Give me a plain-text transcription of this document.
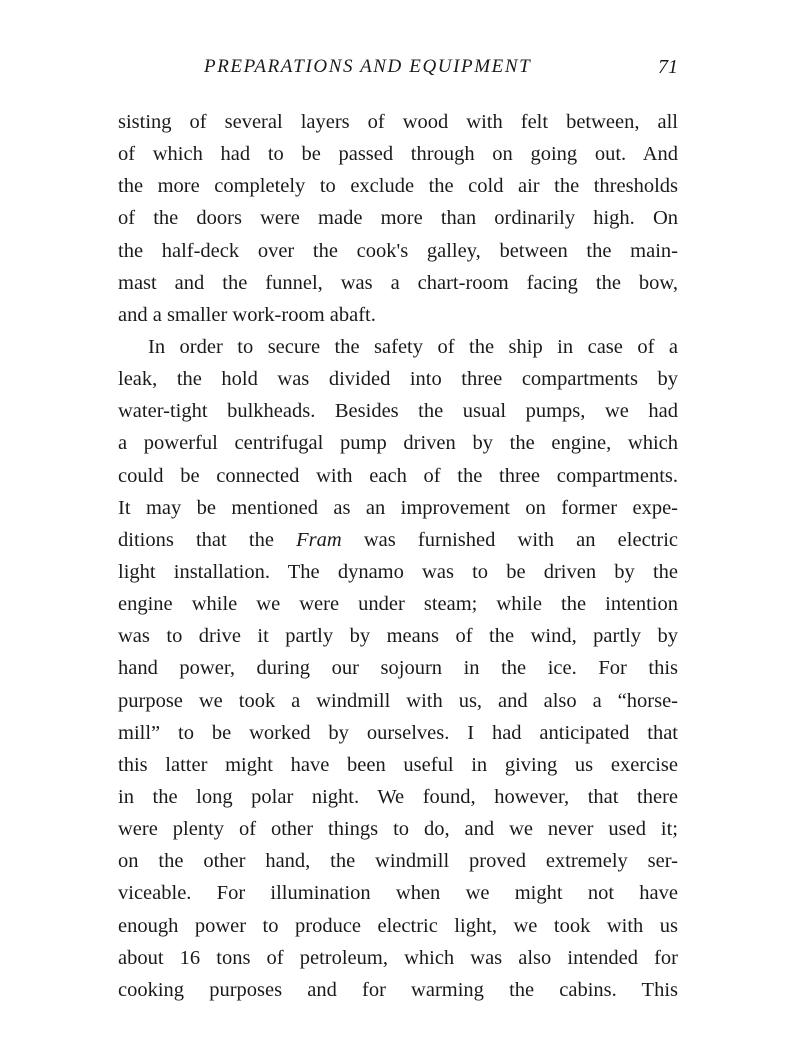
PREPARATIONS AND EQUIPMENT	71
sisting of several layers of wood with felt between, all
of which had to be passed through on going out. And
the more completely to exclude the cold air the thresholds
of the doors were made more than ordinarily high. On
the half-deck over the cook's galley, between the main-
mast and the funnel, was a chart-room facing the bow,
and a smaller work-room abaft.
In order to secure the safety of the ship in case of a
leak, the hold was divided into three compartments by
water-tight bulkheads. Besides the usual pumps, we had
a powerful centrifugal pump driven by the engine, which
could be connected with each of the three compartments.
It may be mentioned as an improvement on former expe-
ditions that the Fram was furnished with an electric
light installation. The dynamo was to be driven by the
engine while we were under steam; while the intention
was to drive it partly by means of the wind, partly by
hand power, during our sojourn in the ice. For this
purpose we took a windmill with us, and also a “horse-
mill” to be worked by ourselves. I had anticipated that
this latter might have been useful in giving us exercise
in the long polar night. We found, however, that there
were plenty of other things to do, and we never used it;
on the other hand, the windmill proved extremely ser-
viceable. For illumination when we might not have
enough power to produce electric light, we took with us
about 16 tons of petroleum, which was also intended for
cooking purposes and for warming the cabins. This
